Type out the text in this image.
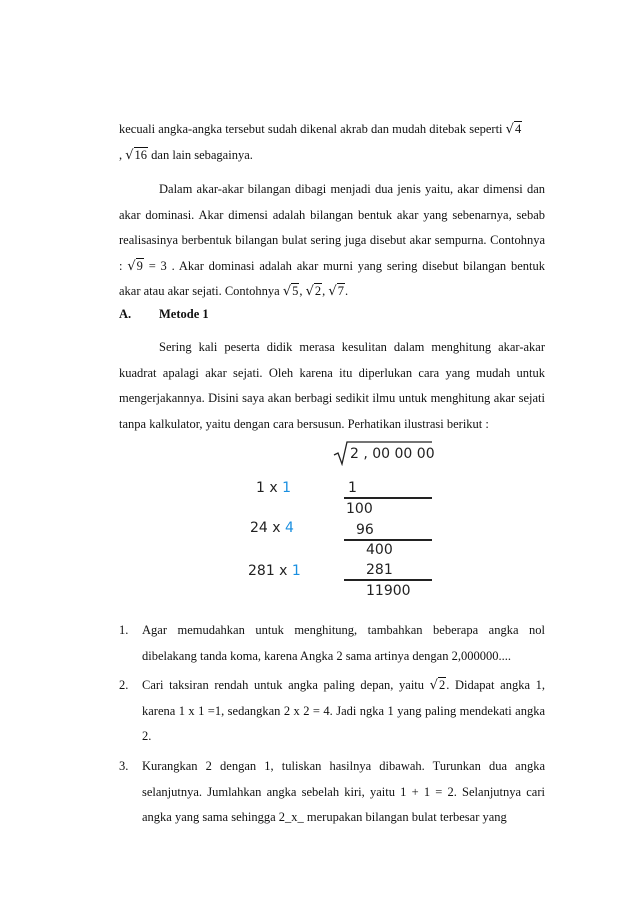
kecuali angka-angka tersebut sudah dikenal akrab dan mudah ditebak seperti √4
, √16 dan lain sebagainya.

Dalam akar-akar bilangan dibagi menjadi dua jenis yaitu, akar dimensi dan akar dominasi. Akar dimensi adalah bilangan bentuk akar yang sebenarnya, sebab realisasinya berbentuk bilangan bulat sering juga disebut akar sempurna. Contohnya : √9 = 3 . Akar dominasi adalah akar murni yang sering disebut bilangan bentuk akar atau akar sejati. Contohnya √5, √2, √7.

A. Metode 1

Sering kali peserta didik merasa kesulitan dalam menghitung akar-akar kuadrat apalagi akar sejati. Oleh karena itu diperlukan cara yang mudah untuk mengerjakannya. Disini saya akan berbagi sedikit ilmu untuk menghitung akar sejati tanpa kalkulator, yaitu dengan cara bersusun. Perhatikan ilustrasi berikut :

2 , 00 00 00
1 x 1
24 x 4
281 x 1
1
100
96
400
281
11900
1. Agar memudahkan untuk menghitung, tambahkan beberapa angka nol dibelakang tanda koma, karena Angka 2 sama artinya dengan 2,000000....
2. Cari taksiran rendah untuk angka paling depan, yaitu √2. Didapat angka 1, karena 1 x 1 =1, sedangkan 2 x 2 = 4. Jadi ngka 1 yang paling mendekati angka 2.
3. Kurangkan 2 dengan 1, tuliskan hasilnya dibawah. Turunkan dua angka selanjutnya. Jumlahkan angka sebelah kiri, yaitu 1 + 1 = 2. Selanjutnya cari angka yang sama sehingga 2_x_ merupakan bilangan bulat terbesar yang
